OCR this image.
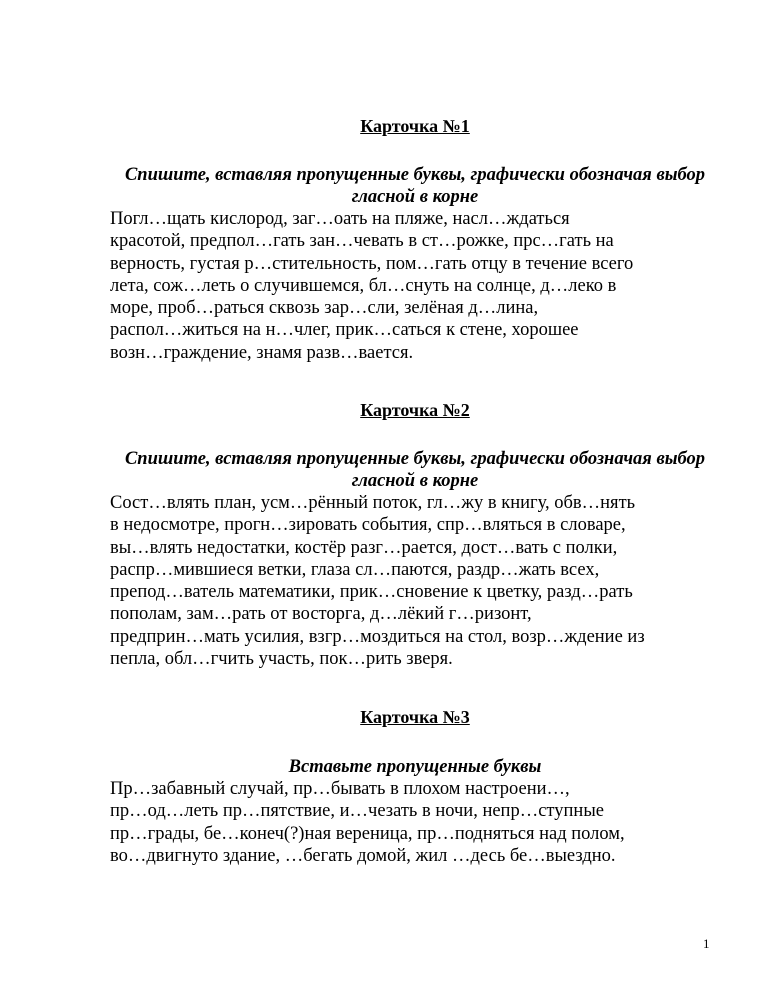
Карточка №1

Спишите, вставляя пропущенные буквы, графически обозначая выбор гласной в корне

Погл…щать кислород, заг…оать на пляже, насл…ждаться
красотой, предпол…гать зан…чевать в ст…рожке, прс…гать на
верность, густая р…стительность, пом…гать отцу в течение всего
лета, сож…леть о случившемся, бл…снуть на солнце, д…леко в
море, проб…раться сквозь зар…сли, зелёная д…лина,
распол…житься на н…члег, прик…саться к стене, хорошее
возн…граждение, знамя разв…вается.

Карточка №2

Спишите, вставляя пропущенные буквы, графически обозначая выбор гласной в корне

Сост…влять план, усм…рённый поток, гл…жу в книгу, обв…нять
в недосмотре, прогн…зировать события, спр…вляться в словаре,
вы…влять недостатки, костёр разг…рается, дост…вать с полки,
распр…мившиеся ветки, глаза сл…паются, раздр…жать всех,
препод…ватель математики, прик…сновение к цветку, разд…рать
пополам, зам…рать от восторга, д…лёкий г…ризонт,
предприн…мать усилия, взгр…моздиться на стол, возр…ждение из
пепла, обл…гчить участь, пок…рить зверя.

Карточка №3

Вставьте пропущенные буквы

Пр…забавный случай, пр…бывать в плохом настроени…,
пр…од…леть пр…пятствие, и…чезать в ночи, непр…ступные
пр…грады, бе…конеч(?)ная вереница, пр…подняться над полом,
во…двигнуто здание, …бегать домой, жил …десь бе…выездно.

1
